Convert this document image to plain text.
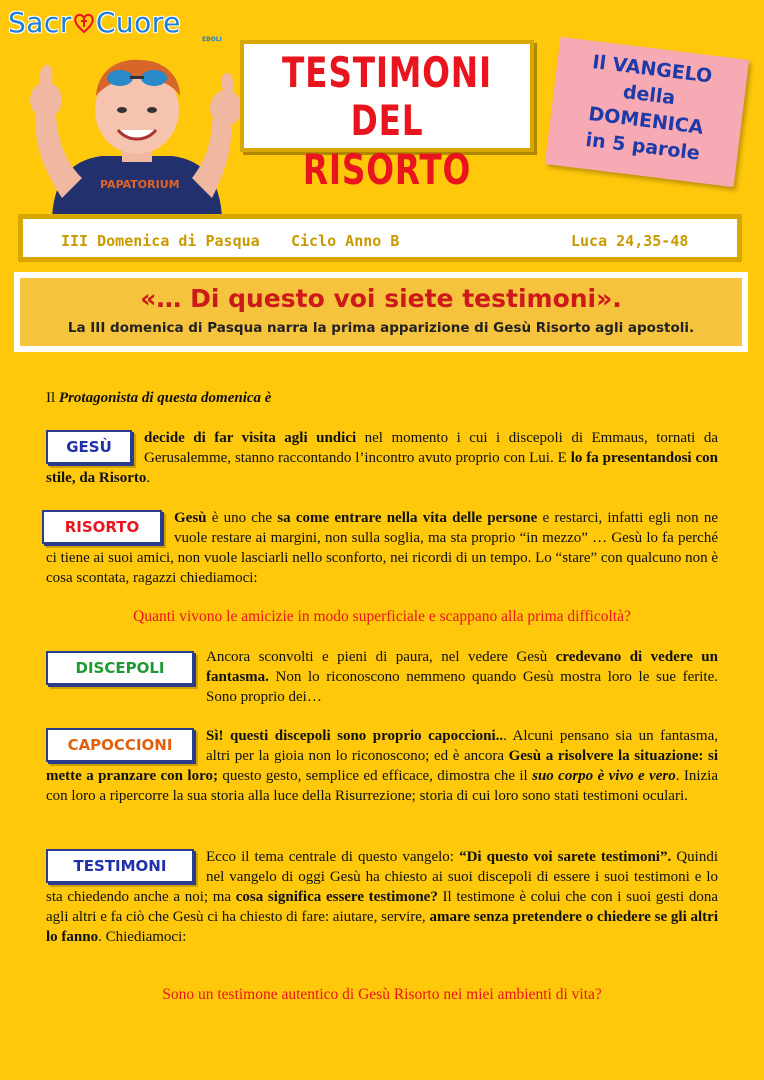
Sacr Cuore
EBOLI
PAPATORIUM
TESTIMONI
DEL RISORTO
Il VANGELO
della
DOMENICA
in 5 parole
III Domenica di Pasqua Ciclo Anno B	Luca 24,35-48
«… Di questo voi siete testimoni».
La III domenica di Pasqua narra la prima apparizione di Gesù Risorto agli apostoli.
Il Protagonista di questa domenica è
GESÙ	decide di far visita agli undici nel momento i cui i discepoli di Emmaus, tornati da Gerusalemme, stanno raccontando l’incontro avuto proprio con Lui. E lo fa presentandosi con stile, da Risorto.
RISORTO	Gesù è uno che sa come entrare nella vita delle persone e restarci, infatti egli non ne vuole restare ai margini, non sulla soglia, ma sta proprio “in mezzo” … Gesù lo fa perché ci tiene ai suoi amici, non vuole lasciarli nello sconforto, nei ricordi di un tempo. Lo “stare” con qualcuno non è cosa scontata, ragazzi chiediamoci:
Quanti vivono le amicizie in modo superficiale e scappano alla prima difficoltà?
DISCEPOLI
Ancora sconvolti e pieni di paura, nel vedere Gesù credevano di vedere un fantasma. Non lo riconoscono nemmeno quando Gesù mostra loro le sue ferite. Sono proprio dei…
CAPOCCIONI	Sì! questi discepoli sono proprio capoccioni... Alcuni pensano sia un fantasma, altri per la gioia non lo riconoscono; ed è ancora Gesù a risolvere la situazione: si mette a pranzare con loro; questo gesto, semplice ed efficace, dimostra che il suo corpo è vivo e vero. Inizia con loro a ripercorre la sua storia alla luce della Risurrezione; storia di cui loro sono stati testimoni oculari.
TESTIMONI	Ecco il tema centrale di questo vangelo: “Di questo voi sarete testimoni”. Quindi nel vangelo di oggi Gesù ha chiesto ai suoi discepoli di essere i suoi testimoni e lo sta chiedendo anche a noi; ma cosa significa essere testimone? Il testimone è colui che con i suoi gesti dona agli altri e fa ciò che Gesù ci ha chiesto di fare: aiutare, servire, amare senza pretendere o chiedere se gli altri lo fanno. Chiediamoci:
Sono un testimone autentico di Gesù Risorto nei miei ambienti di vita?
